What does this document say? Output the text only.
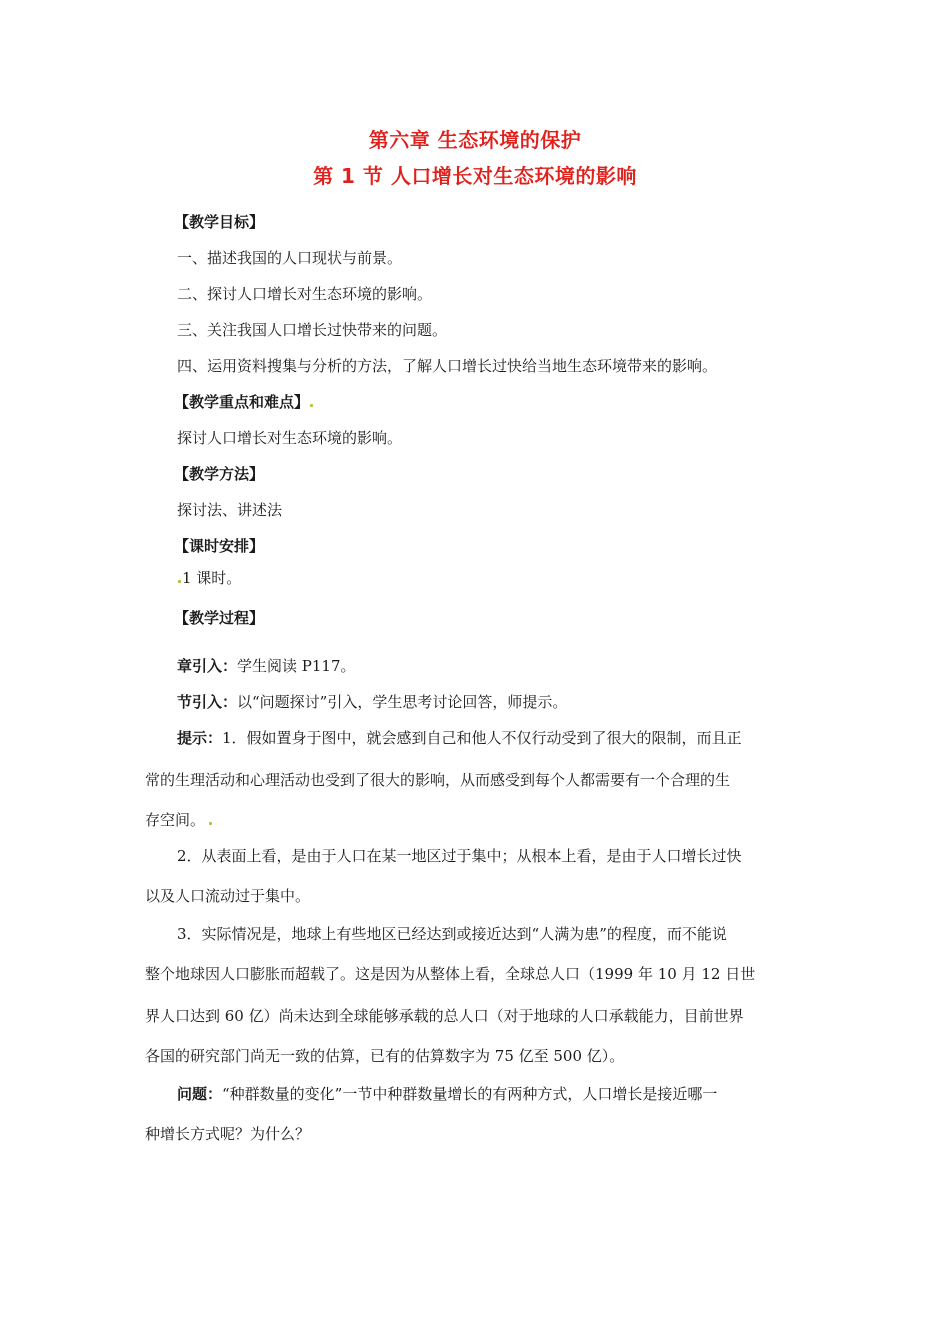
第六章 生态环境的保护
第 1 节 人口增长对生态环境的影响
【教学目标】
一、描述我国的人口现状与前景。
二、探讨人口增长对生态环境的影响。
三、关注我国人口增长过快带来的问题。
四、运用资料搜集与分析的方法，了解人口增长过快给当地生态环境带来的影响。
【教学重点和难点】
探讨人口增长对生态环境的影响。
【教学方法】
探讨法、讲述法
【课时安排】
1 课时。
【教学过程】
章引入：学生阅读 P117。
节引入：以“问题探讨”引入，学生思考讨论回答，师提示。
提示：1．假如置身于图中，就会感到自己和他人不仅行动受到了很大的限制，而且正
常的生理活动和心理活动也受到了很大的影响，从而感受到每个人都需要有一个合理的生
存空间。
2．从表面上看，是由于人口在某一地区过于集中；从根本上看，是由于人口增长过快
以及人口流动过于集中。
3．实际情况是，地球上有些地区已经达到或接近达到“人满为患”的程度，而不能说
整个地球因人口膨胀而超载了。这是因为从整体上看，全球总人口（1999 年 10 月 12 日世
界人口达到 60 亿）尚未达到全球能够承载的总人口（对于地球的人口承载能力，目前世界
各国的研究部门尚无一致的估算，已有的估算数字为 75 亿至 500 亿）。
问题：“种群数量的变化”一节中种群数量增长的有两种方式，人口增长是接近哪一
种增长方式呢？为什么？
